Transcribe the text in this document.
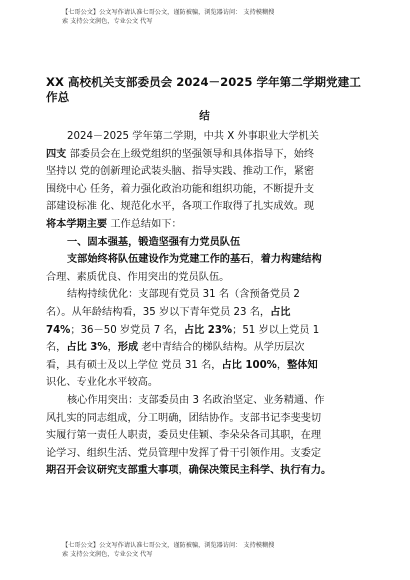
【七哥公文】公文写作请认准七哥公文，谨防被骗，浏览器访问： 支持模糊搜
索 支持公文润色，专业公文 代写
XX 高校机关支部委员会 2024－2025 学年第二学期党建工
作总
结
2024－2025 学年第二学期，中共 X 外事职业大学机关
四支 部委员会在上级党组织的坚强领导和具体指导下，始终
坚持以 党的创新理论武装头脑、指导实践、推动工作，紧密
围绕中心 任务，着力强化政治功能和组织功能，不断提升支
部建设标准 化、规范化水平，各项工作取得了扎实成效。现
将本学期主要 工作总结如下：
一、固本强基，锻造坚强有力党员队伍
支部始终将队伍建设作为党建工作的基石，着力构建结构
合理、素质优良、作用突出的党员队伍。
结构持续优化：支部现有党员 31 名（含预备党员 2
名）。从年龄结构看，35 岁以下青年党员 23 名，占比
74%；36－50 岁党员 7 名，占比 23%；51 岁以上党员 1
名，占比 3%，形成 老中青结合的梯队结构。从学历层次
看，具有硕士及以上学位 党员 31 名，占比 100%，整体知
识化、专业化水平较高。
核心作用突出：支部委员由 3 名政治坚定、业务精通、作
风扎实的同志组成，分工明确，团结协作。支部书记李斐斐切
实履行第一责任人职责，委员史佳颖、李朵朵各司其职，在理
论学习、组织生活、党员管理中发挥了骨干引领作用。支委定
期召开会议研究支部重大事项，确保决策民主科学、执行有力。
【七哥公文】公文写作请认准七哥公文，谨防被骗，浏览器访问： 支持模糊搜
索 支持公文润色，专业公文 代写
